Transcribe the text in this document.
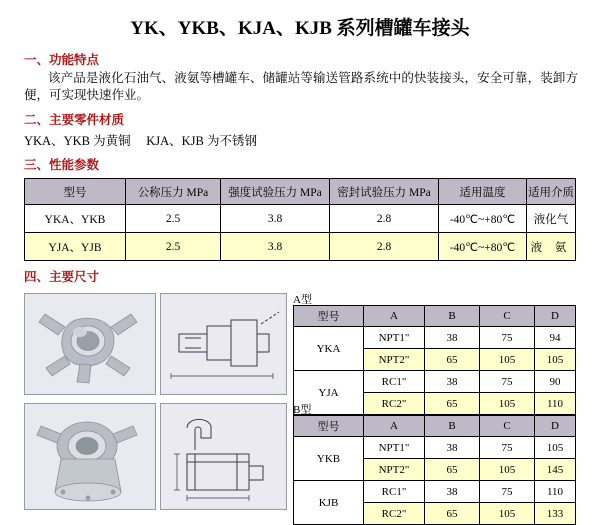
YK、YKB、KJA、KJB 系列槽罐车接头
一、功能特点
该产品是液化石油气、液氨等槽罐车、储罐站等输送管路系统中的快装接头，安全可靠，装卸方便，可实现快速作业。
二、主要零件材质
YKA、YKB 为黄铜     KJA、KJB 为不锈钢
三、性能参数
型号	公称压力 MPa	强度试验压力 MPa	密封试验压力 MPa	适用温度	适用介质
YKA、YKB	2.5	3.8	2.8	-40℃~+80℃	液化气
YJA、YJB	2.5	3.8	2.8	-40℃~+80℃	液 氨
四、主要尺寸
A型
型号	A	B	C	D
YKA	NPT1"	38	75	94
	NPT2"	65	105	105
YJA	RC1"	38	75	90
	RC2"	65	105	110
B型
型号	A	B	C	D
YKB	NPT1"	38	75	105
	NPT2"	65	105	145
KJB	RC1"	38	75	110
	RC2"	65	105	133
